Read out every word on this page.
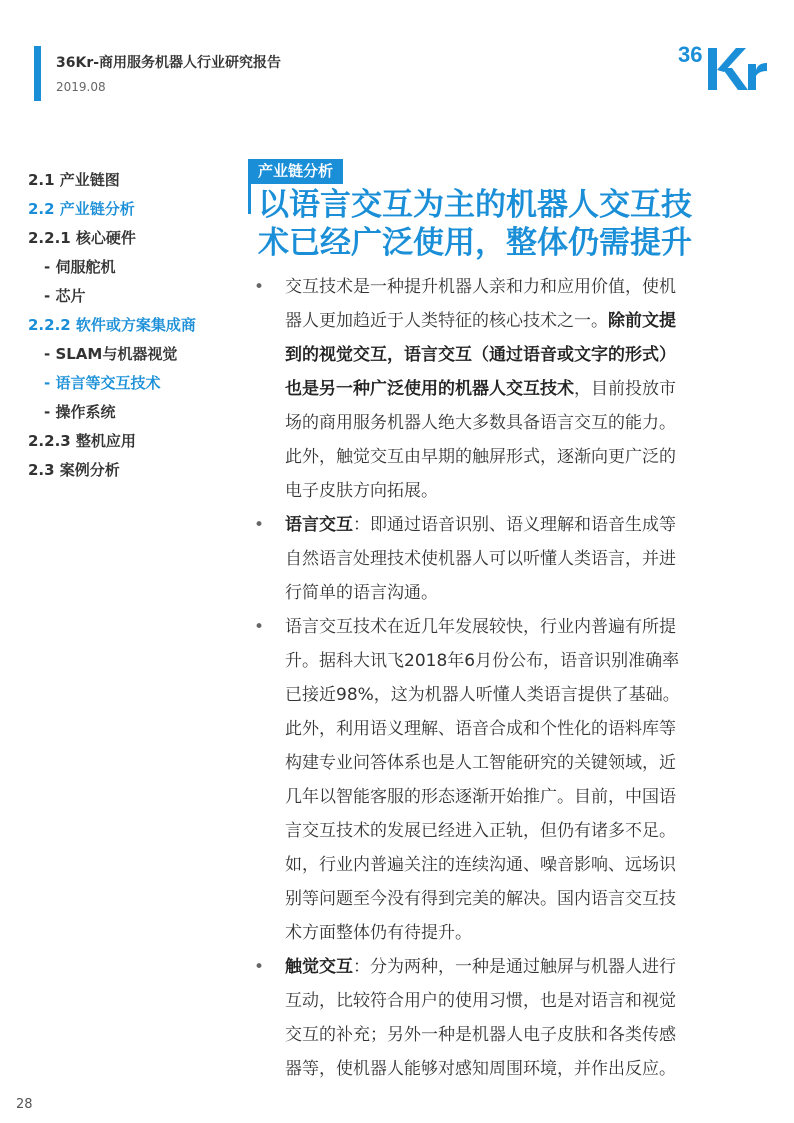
36Kr-商用服务机器人行业研究报告
2019.08
36
2.1 产业链图
2.2 产业链分析
2.2.1 核心硬件
- 伺服舵机
- 芯片
2.2.2 软件或方案集成商
- SLAM与机器视觉
- 语言等交互技术
- 操作系统
2.2.3 整机应用
2.3 案例分析
产业链分析
以语言交互为主的机器人交互技
术已经广泛使用，整体仍需提升
• 交互技术是一种提升机器人亲和力和应用价值，使机
器人更加趋近于人类特征的核心技术之一。除前文提
到的视觉交互，语言交互（通过语音或文字的形式）
也是另一种广泛使用的机器人交互技术，目前投放市
场的商用服务机器人绝大多数具备语言交互的能力。
此外，触觉交互由早期的触屏形式，逐渐向更广泛的
电子皮肤方向拓展。
• 语言交互：即通过语音识别、语义理解和语音生成等
自然语言处理技术使机器人可以听懂人类语言，并进
行简单的语言沟通。
• 语言交互技术在近几年发展较快，行业内普遍有所提
升。据科大讯飞2018年6月份公布，语音识别准确率
已接近98%，这为机器人听懂人类语言提供了基础。
此外，利用语义理解、语音合成和个性化的语料库等
构建专业问答体系也是人工智能研究的关键领域，近
几年以智能客服的形态逐渐开始推广。目前，中国语
言交互技术的发展已经进入正轨，但仍有诸多不足。
如，行业内普遍关注的连续沟通、噪音影响、远场识
别等问题至今没有得到完美的解决。国内语言交互技
术方面整体仍有待提升。
• 触觉交互：分为两种，一种是通过触屏与机器人进行
互动，比较符合用户的使用习惯，也是对语言和视觉
交互的补充；另外一种是机器人电子皮肤和各类传感
器等，使机器人能够对感知周围环境，并作出反应。
28
